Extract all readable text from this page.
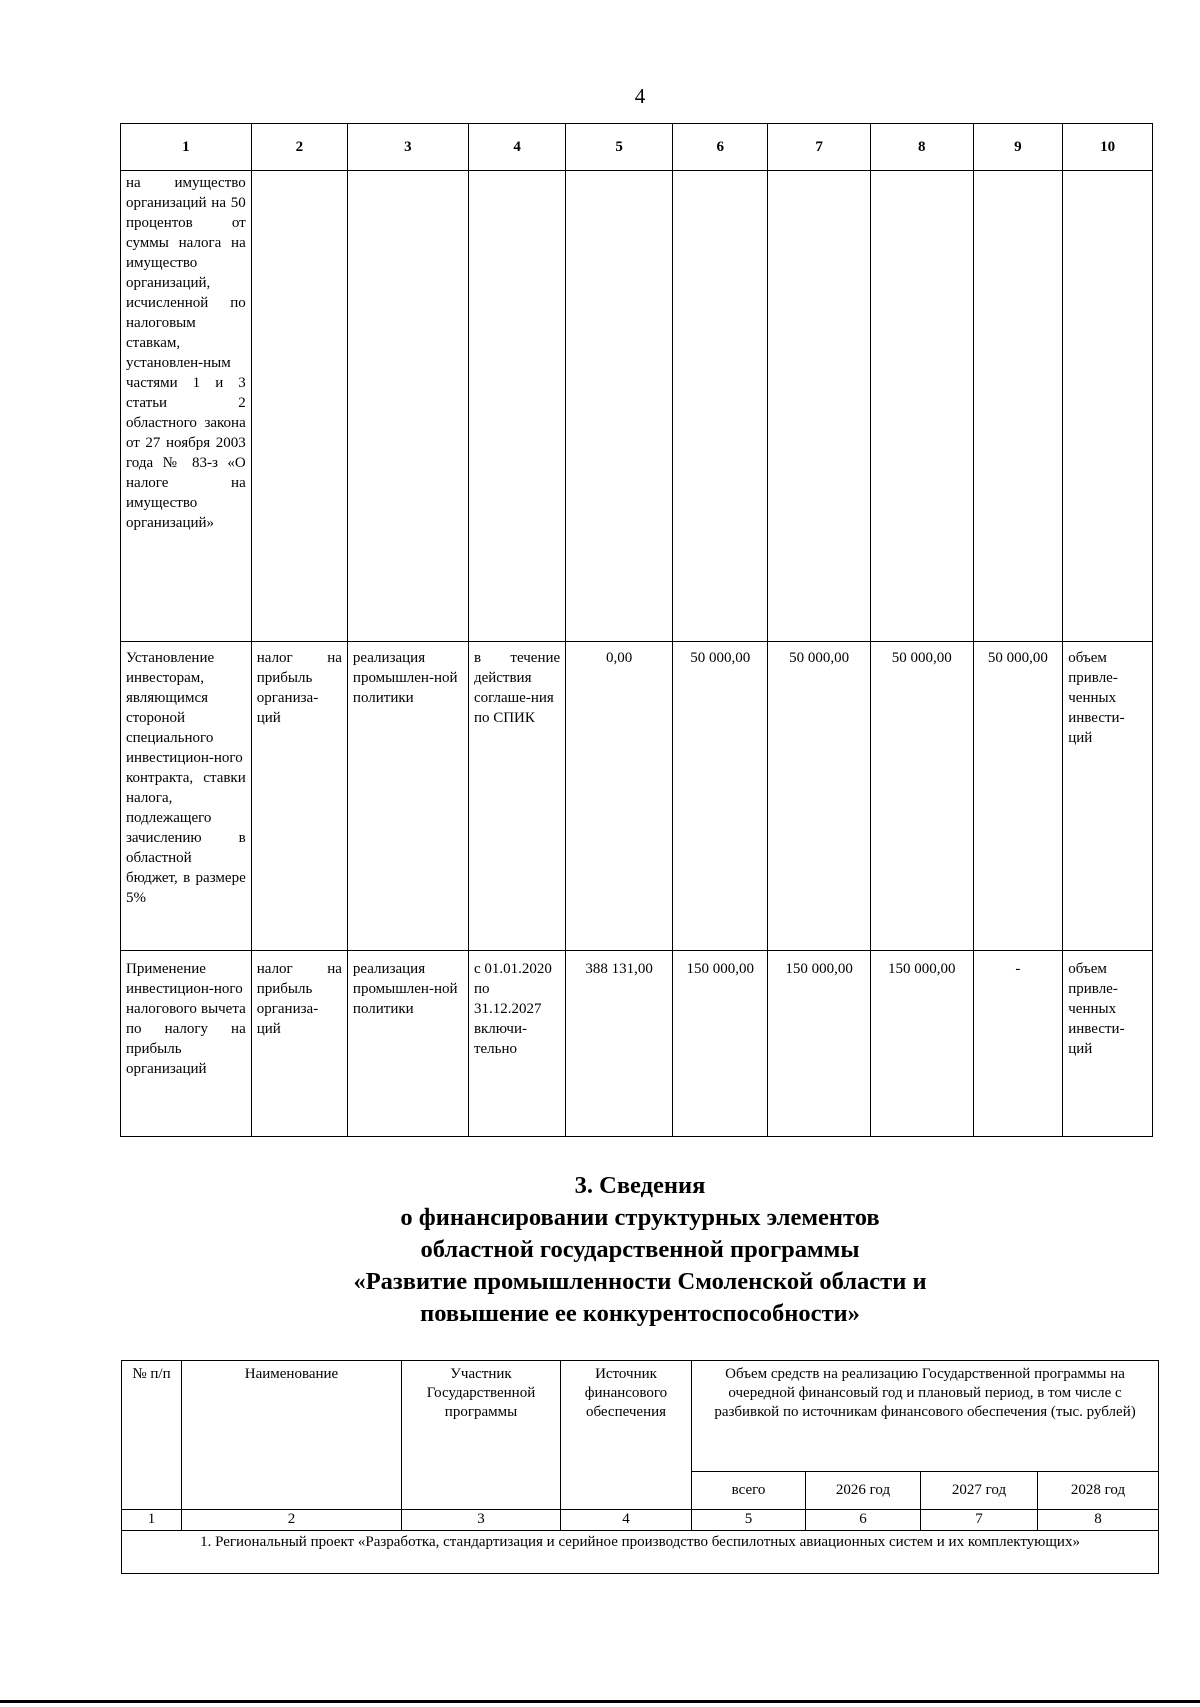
4
1	2	3	4	5	6	7	8	9	10
на имущество организаций на 50 процентов от суммы налога на имущество организаций, исчисленной по налоговым ставкам, установлен-ным частями 1 и 3 статьи 2 областного закона от 27 ноября 2003 года № 83-з «О налоге на имущество организаций»									
Установление инвесторам, являющимся стороной специального инвестицион-ного контракта, ставки налога, подлежащего зачислению в областной бюджет, в размере 5%	налог на прибыль организа-ций	реализация промышлен-ной политики	в течение действия соглаше-ния по СПИК	0,00	50 000,00	50 000,00	50 000,00	50 000,00	объем привле-ченных инвести-ций
Применение инвестицион-ного налогового вычета по налогу на прибыль организаций	налог на прибыль организа-ций	реализация промышлен-ной политики	с 01.01.2020 по 31.12.2027 включи-тельно	388 131,00	150 000,00	150 000,00	150 000,00	-	объем привле-ченных инвести-ций
3. Сведения
о финансировании структурных элементов
областной государственной программы
«Развитие промышленности Смоленской области и
повышение ее конкурентоспособности»
№ п/п	Наименование	Участник Государственной программы	Источник финансового обеспечения	Объем средств на реализацию Государственной программы на очередной финансовый год и плановый период, в том числе с разбивкой по источникам финансового обеспечения (тыс. рублей)			
				всего	2026 год	2027 год	2028 год
1	2	3	4	5	6	7	8
1. Региональный проект «Разработка, стандартизация и серийное производство беспилотных авиационных систем и их комплектующих»							
